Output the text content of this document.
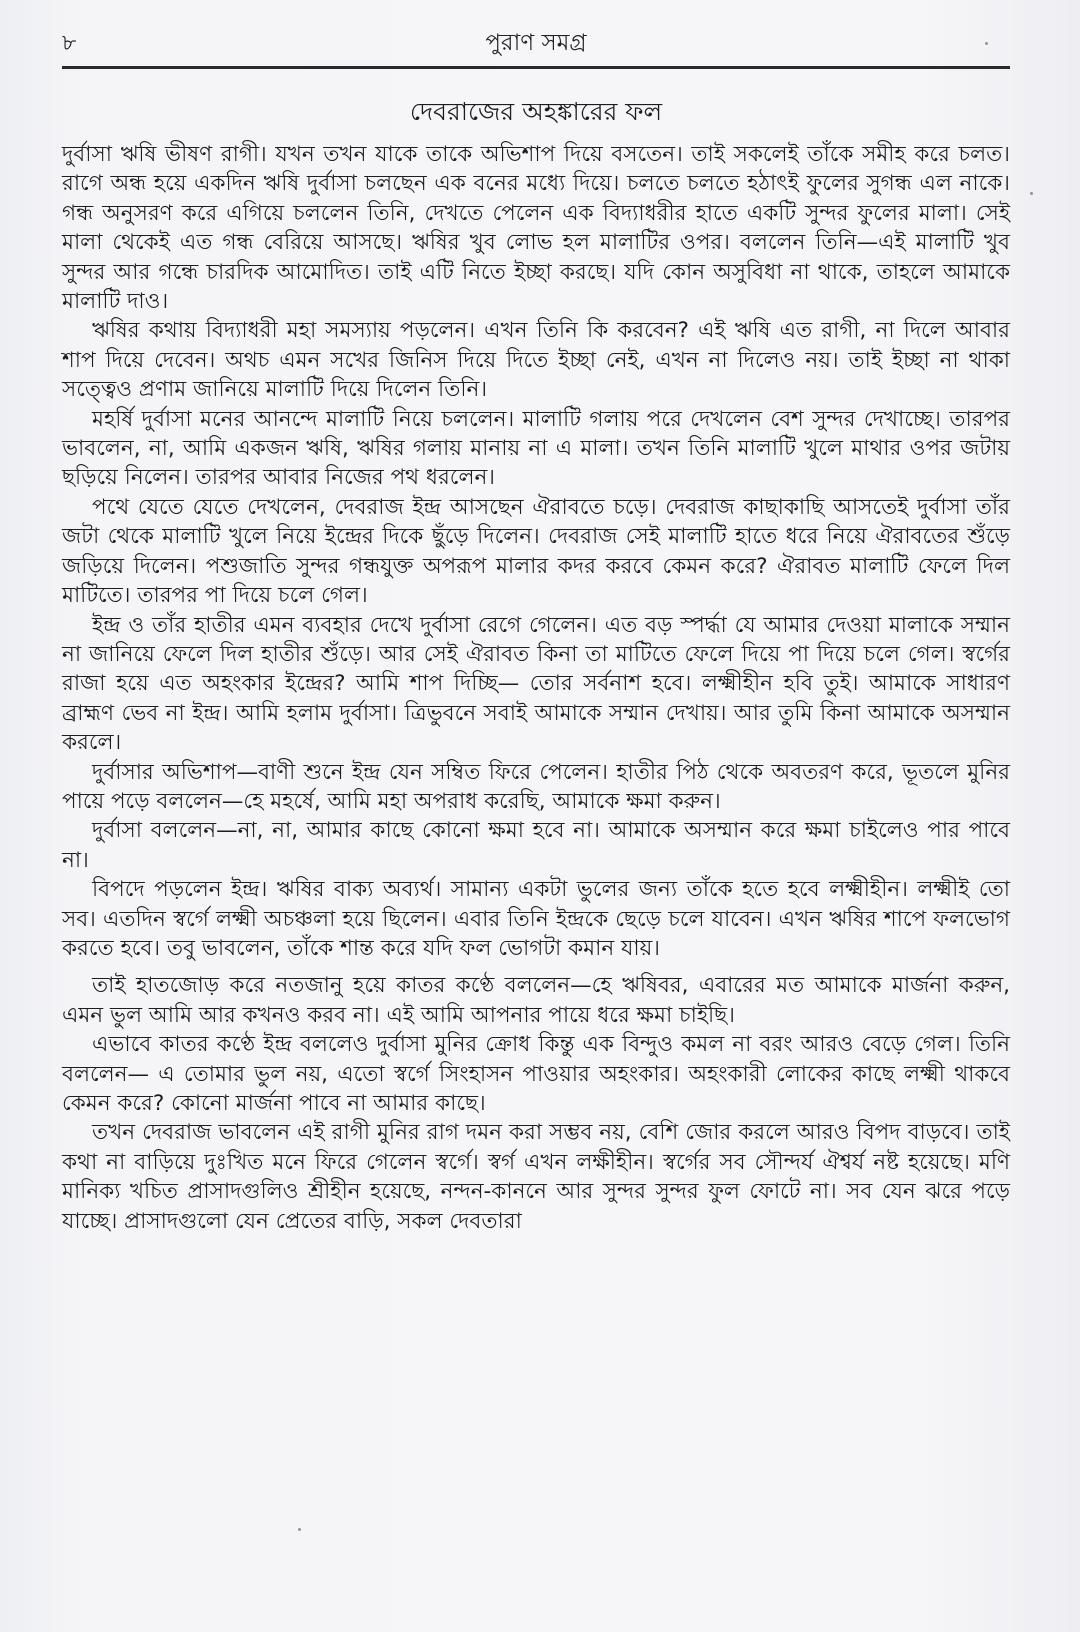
৮	পুরাণ সমগ্র
দেবরাজের অহঙ্কারের ফল

দুর্বাসা ঋষি ভীষণ রাগী। যখন তখন যাকে তাকে অভিশাপ দিয়ে বসতেন। তাই সকলেই তাঁকে সমীহ করে চলত। রাগে অন্ধ হয়ে একদিন ঋষি দুর্বাসা চলছেন এক বনের মধ্যে দিয়ে। চলতে চলতে হঠাৎই ফুলের সুগন্ধ এল নাকে। গন্ধ অনুসরণ করে এগিয়ে চললেন তিনি, দেখতে পেলেন এক বিদ্যাধরীর হাতে একটি সুন্দর ফুলের মালা। সেই মালা থেকেই এত গন্ধ বেরিয়ে আসছে। ঋষির খুব লোভ হল মালাটির ওপর। বললেন তিনি—এই মালাটি খুব সুন্দর আর গন্ধে চারদিক আমোদিত। তাই এটি নিতে ইচ্ছা করছে। যদি কোন অসুবিধা না থাকে, তাহলে আমাকে মালাটি দাও।

ঋষির কথায় বিদ্যাধরী মহা সমস্যায় পড়লেন। এখন তিনি কি করবেন? এই ঋষি এত রাগী, না দিলে আবার শাপ দিয়ে দেবেন। অথচ এমন সখের জিনিস দিয়ে দিতে ইচ্ছা নেই, এখন না দিলেও নয়। তাই ইচ্ছা না থাকা সত্ত্বেও প্রণাম জানিয়ে মালাটি দিয়ে দিলেন তিনি।

মহর্ষি দুর্বাসা মনের আনন্দে মালাটি নিয়ে চললেন। মালাটি গলায় পরে দেখলেন বেশ সুন্দর দেখাচ্ছে। তারপর ভাবলেন, না, আমি একজন ঋষি, ঋষির গলায় মানায় না এ মালা। তখন তিনি মালাটি খুলে মাথার ওপর জটায় ছড়িয়ে নিলেন। তারপর আবার নিজের পথ ধরলেন।

পথে যেতে যেতে দেখলেন, দেবরাজ ইন্দ্র আসছেন ঐরাবতে চড়ে। দেবরাজ কাছাকাছি আসতেই দুর্বাসা তাঁর জটা থেকে মালাটি খুলে নিয়ে ইন্দ্রের দিকে ছুঁড়ে দিলেন। দেবরাজ সেই মালাটি হাতে ধরে নিয়ে ঐরাবতের শুঁড়ে জড়িয়ে দিলেন। পশুজাতি সুন্দর গন্ধযুক্ত অপরূপ মালার কদর করবে কেমন করে? ঐরাবত মালাটি ফেলে দিল মাটিতে। তারপর পা দিয়ে চলে গেল।

ইন্দ্র ও তাঁর হাতীর এমন ব্যবহার দেখে দুর্বাসা রেগে গেলেন। এত বড় স্পর্দ্ধা যে আমার দেওয়া মালাকে সম্মান না জানিয়ে ফেলে দিল হাতীর শুঁড়ে। আর সেই ঐরাবত কিনা তা মাটিতে ফেলে দিয়ে পা দিয়ে চলে গেল। স্বর্গের রাজা হয়ে এত অহংকার ইন্দ্রের? আমি শাপ দিচ্ছি— তোর সর্বনাশ হবে। লক্ষ্মীহীন হবি তুই। আমাকে সাধারণ ব্রাহ্মণ ভেব না ইন্দ্র। আমি হলাম দুর্বাসা। ত্রিভুবনে সবাই আমাকে সম্মান দেখায়। আর তুমি কিনা আমাকে অসম্মান করলে।

দুর্বাসার অভিশাপ—বাণী শুনে ইন্দ্র যেন সম্বিত ফিরে পেলেন। হাতীর পিঠ থেকে অবতরণ করে, ভূতলে মুনির পায়ে পড়ে বললেন—হে মহর্ষে, আমি মহা অপরাধ করেছি, আমাকে ক্ষমা করুন।

দুর্বাসা বললেন—না, না, আমার কাছে কোনো ক্ষমা হবে না। আমাকে অসম্মান করে ক্ষমা চাইলেও পার পাবে না।

বিপদে পড়লেন ইন্দ্র। ঋষির বাক্য অব্যর্থ। সামান্য একটা ভুলের জন্য তাঁকে হতে হবে লক্ষ্মীহীন। লক্ষ্মীই তো সব। এতদিন স্বর্গে লক্ষ্মী অচঞ্চলা হয়ে ছিলেন। এবার তিনি ইন্দ্রকে ছেড়ে চলে যাবেন। এখন ঋষির শাপে ফলভোগ করতে হবে। তবু ভাবলেন, তাঁকে শান্ত করে যদি ফল ভোগটা কমান যায়।

তাই হাতজোড় করে নতজানু হয়ে কাতর কণ্ঠে বললেন—হে ঋষিবর, এবারের মত আমাকে মার্জনা করুন, এমন ভুল আমি আর কখনও করব না। এই আমি আপনার পায়ে ধরে ক্ষমা চাইছি।

এভাবে কাতর কণ্ঠে ইন্দ্র বললেও দুর্বাসা মুনির ক্রোধ কিন্তু এক বিন্দুও কমল না বরং আরও বেড়ে গেল। তিনি বললেন— এ তোমার ভুল নয়, এতো স্বর্গে সিংহাসন পাওয়ার অহংকার। অহংকারী লোকের কাছে লক্ষ্মী থাকবে কেমন করে? কোনো মার্জনা পাবে না আমার কাছে।

তখন দেবরাজ ভাবলেন এই রাগী মুনির রাগ দমন করা সম্ভব নয়, বেশি জোর করলে আরও বিপদ বাড়বে। তাই কথা না বাড়িয়ে দুঃখিত মনে ফিরে গেলেন স্বর্গে। স্বর্গ এখন লক্ষীহীন। স্বর্গের সব সৌন্দর্য ঐশ্বর্য নষ্ট হয়েছে। মণি মানিক্য খচিত প্রাসাদগুলিও শ্রীহীন হয়েছে, নন্দন-কাননে আর সুন্দর সুন্দর ফুল ফোটে না। সব যেন ঝরে পড়ে যাচ্ছে। প্রাসাদগুলো যেন প্রেতের বাড়ি, সকল দেবতারা
